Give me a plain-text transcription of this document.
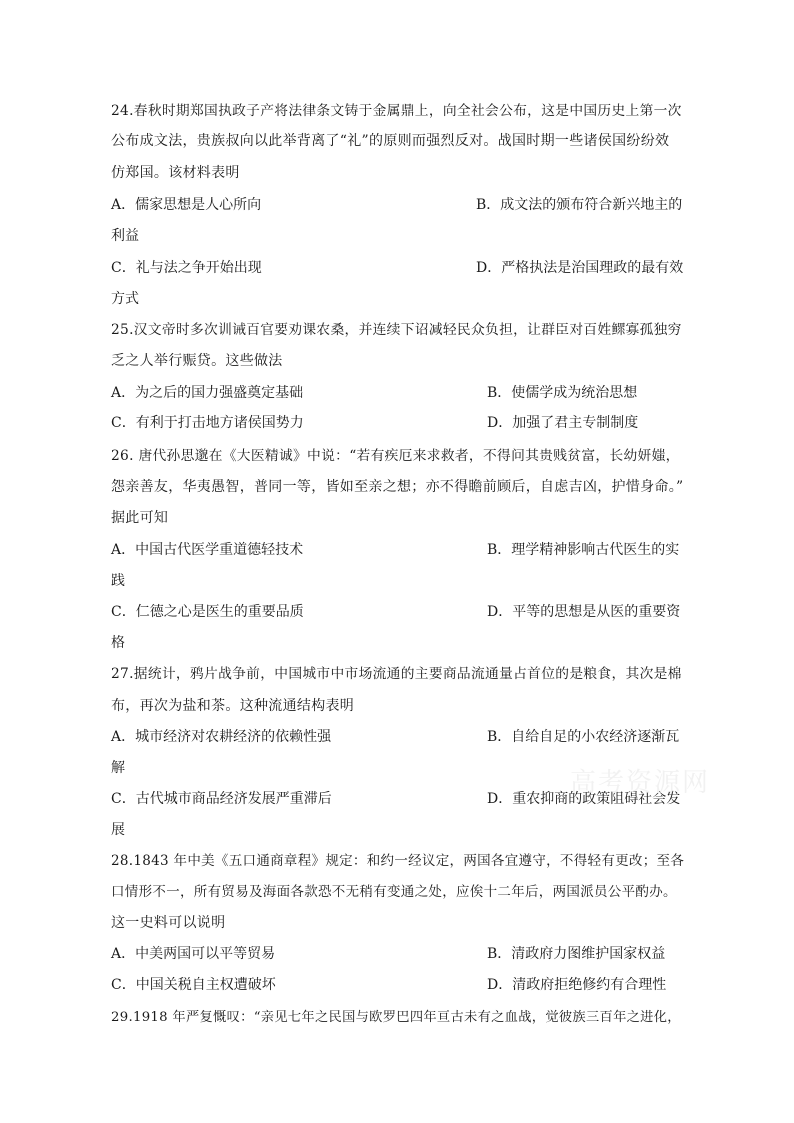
24.春秋时期郑国执政子产将法律条文铸于金属鼎上，向全社会公布，这是中国历史上第一次
公布成文法，贵族叔向以此举背离了“礼”的原则而强烈反对。战国时期一些诸侯国纷纷效
仿郑国。该材料表明
A．儒家思想是人心所向	B．成文法的颁布符合新兴地主的
利益
C．礼与法之争开始出现	D．严格执法是治国理政的最有效
方式
25.汉文帝时多次训诫百官要劝课农桑，并连续下诏减轻民众负担，让群臣对百姓鳏寡孤独穷
乏之人举行赈贷。这些做法
A．为之后的国力强盛奠定基础	B．使儒学成为统治思想
C．有利于打击地方诸侯国势力	D．加强了君主专制制度
26. 唐代孙思邈在《大医精诚》中说：“若有疾厄来求救者，不得问其贵贱贫富，长幼妍媸，
怨亲善友，华夷愚智，普同一等，皆如至亲之想；亦不得瞻前顾后，自虑吉凶，护惜身命。”
据此可知
A．中国古代医学重道德轻技术	B．理学精神影响古代医生的实
践
C．仁德之心是医生的重要品质	D．平等的思想是从医的重要资
格
27.据统计，鸦片战争前，中国城市中市场流通的主要商品流通量占首位的是粮食，其次是棉
布，再次为盐和茶。这种流通结构表明
A．城市经济对农耕经济的依赖性强	B．自给自足的小农经济逐渐瓦
解
C．古代城市商品经济发展严重滞后	D．重农抑商的政策阻碍社会发
展
28.1843 年中美《五口通商章程》规定：和约一经议定，两国各宜遵守，不得轻有更改；至各
口情形不一，所有贸易及海面各款恐不无稍有变通之处，应俟十二年后，两国派员公平酌办。
这一史料可以说明
A．中美两国可以平等贸易	B．清政府力图维护国家权益
C．中国关税自主权遭破坏	D．清政府拒绝修约有合理性
29.1918 年严复慨叹：“亲见七年之民国与欧罗巴四年亘古未有之血战，觉彼族三百年之进化，
高考资源网
